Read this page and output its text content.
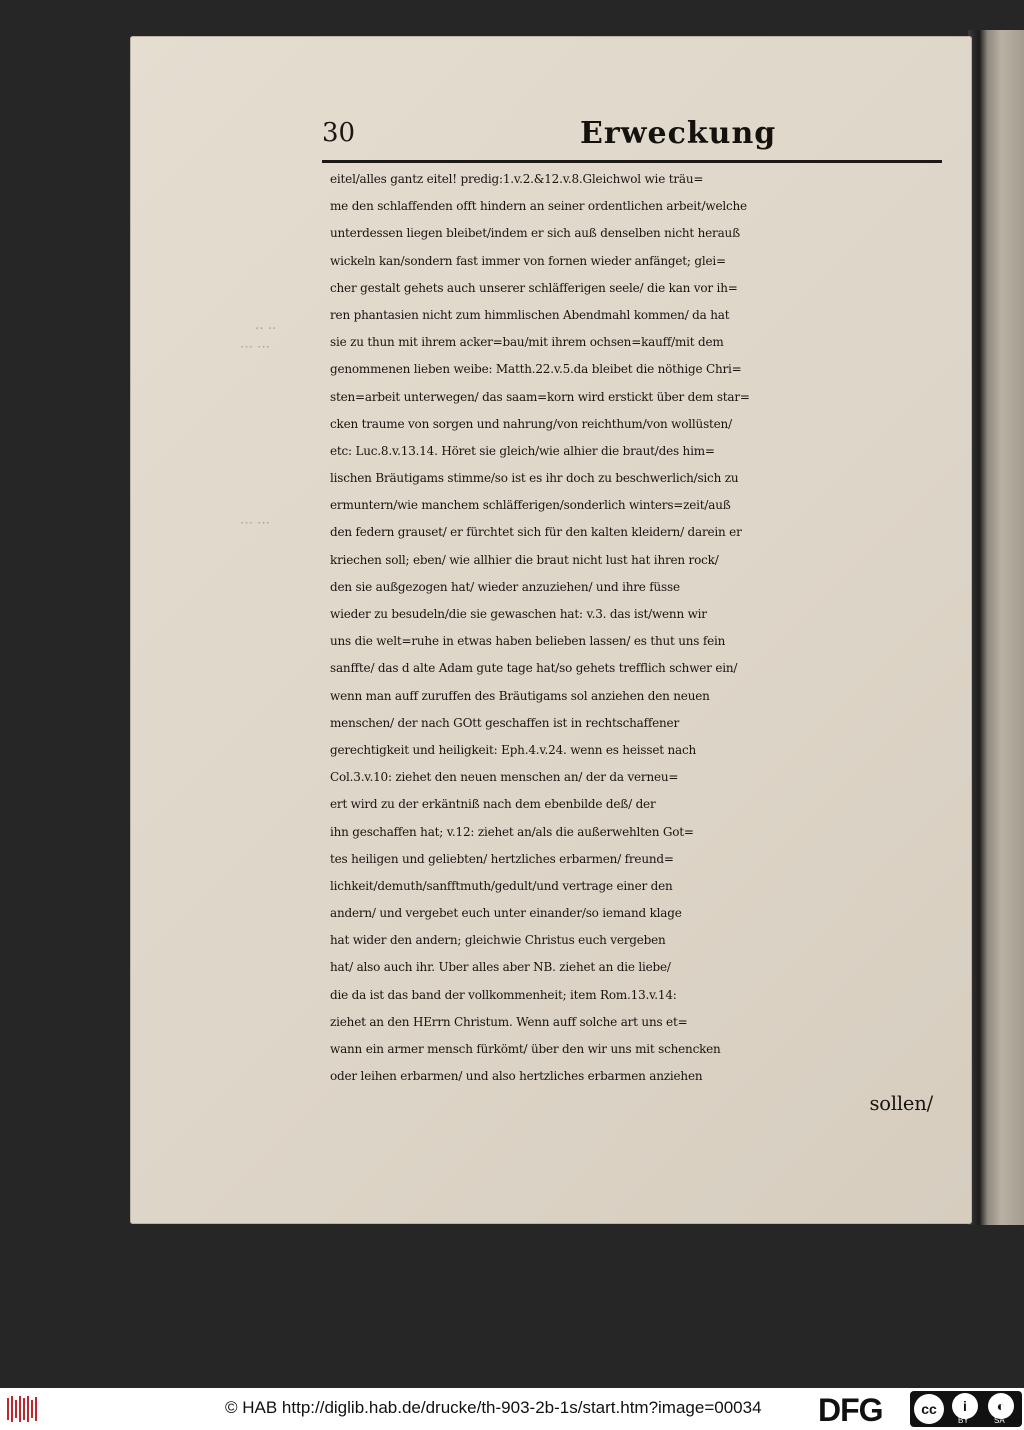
‥ ‥
⋯ ⋯
⋯ ⋯
30	Erweckung
eitel/alles gantz eitel! predig:1.v.2.&12.v.8.Gleichwol wie träu=
me den schlaffenden offt hindern an seiner ordentlichen arbeit/welche
unterdessen liegen bleibet/indem er sich auß denselben nicht herauß
wickeln kan/sondern fast immer von fornen wieder anfänget; glei=
cher gestalt gehets auch unserer schläfferigen seele/ die kan vor ih=
ren phantasien nicht zum himmlischen Abendmahl kommen/ da hat
sie zu thun mit ihrem acker=bau/mit ihrem ochsen=kauff/mit dem
genommenen lieben weibe: Matth.22.v.5.da bleibet die nöthige Chri=
sten=arbeit unterwegen/ das saam=korn wird erstickt über dem star=
cken traume von sorgen und nahrung/von reichthum/von wollüsten/
etc: Luc.8.v.13.14. Höret sie gleich/wie alhier die braut/des him=
lischen Bräutigams stimme/so ist es ihr doch zu beschwerlich/sich zu
ermuntern/wie manchem schläfferigen/sonderlich winters=zeit/auß
den federn grauset/ er fürchtet sich für den kalten kleidern/ darein er
kriechen soll; eben/ wie allhier die braut nicht lust hat ihren rock/
den sie außgezogen hat/ wieder anzuziehen/ und ihre füsse
wieder zu besudeln/die sie gewaschen hat: v.3. das ist/wenn wir
uns die welt=ruhe in etwas haben belieben lassen/ es thut uns fein
sanffte/ das d alte Adam gute tage hat/so gehets trefflich schwer ein/
wenn man auff zuruffen des Bräutigams sol anziehen den neuen
menschen/ der nach GOtt geschaffen ist in rechtschaffener
gerechtigkeit und heiligkeit: Eph.4.v.24. wenn es heisset nach
Col.3.v.10: ziehet den neuen menschen an/ der da verneu=
ert wird zu der erkäntniß nach dem ebenbilde deß/ der
ihn geschaffen hat; v.12: ziehet an/als die außerwehlten Got=
tes heiligen und geliebten/ hertzliches erbarmen/ freund=
lichkeit/demuth/sanfftmuth/gedult/und vertrage einer den
andern/ und vergebet euch unter einander/so iemand klage
hat wider den andern; gleichwie Christus euch vergeben
hat/ also auch ihr. Uber alles aber NB. ziehet an die liebe/
die da ist das band der vollkommenheit; item Rom.13.v.14:
ziehet an den HErrn Christum. Wenn auff solche art uns et=
wann ein armer mensch fürkömt/ über den wir uns mit schencken
oder leihen erbarmen/ und also hertzliches erbarmen anziehen
sollen/
© HAB http://diglib.hab.de/drucke/th-903-2b-1s/start.htm?image=00034 DFG	cc	i	◐
BY	SA
